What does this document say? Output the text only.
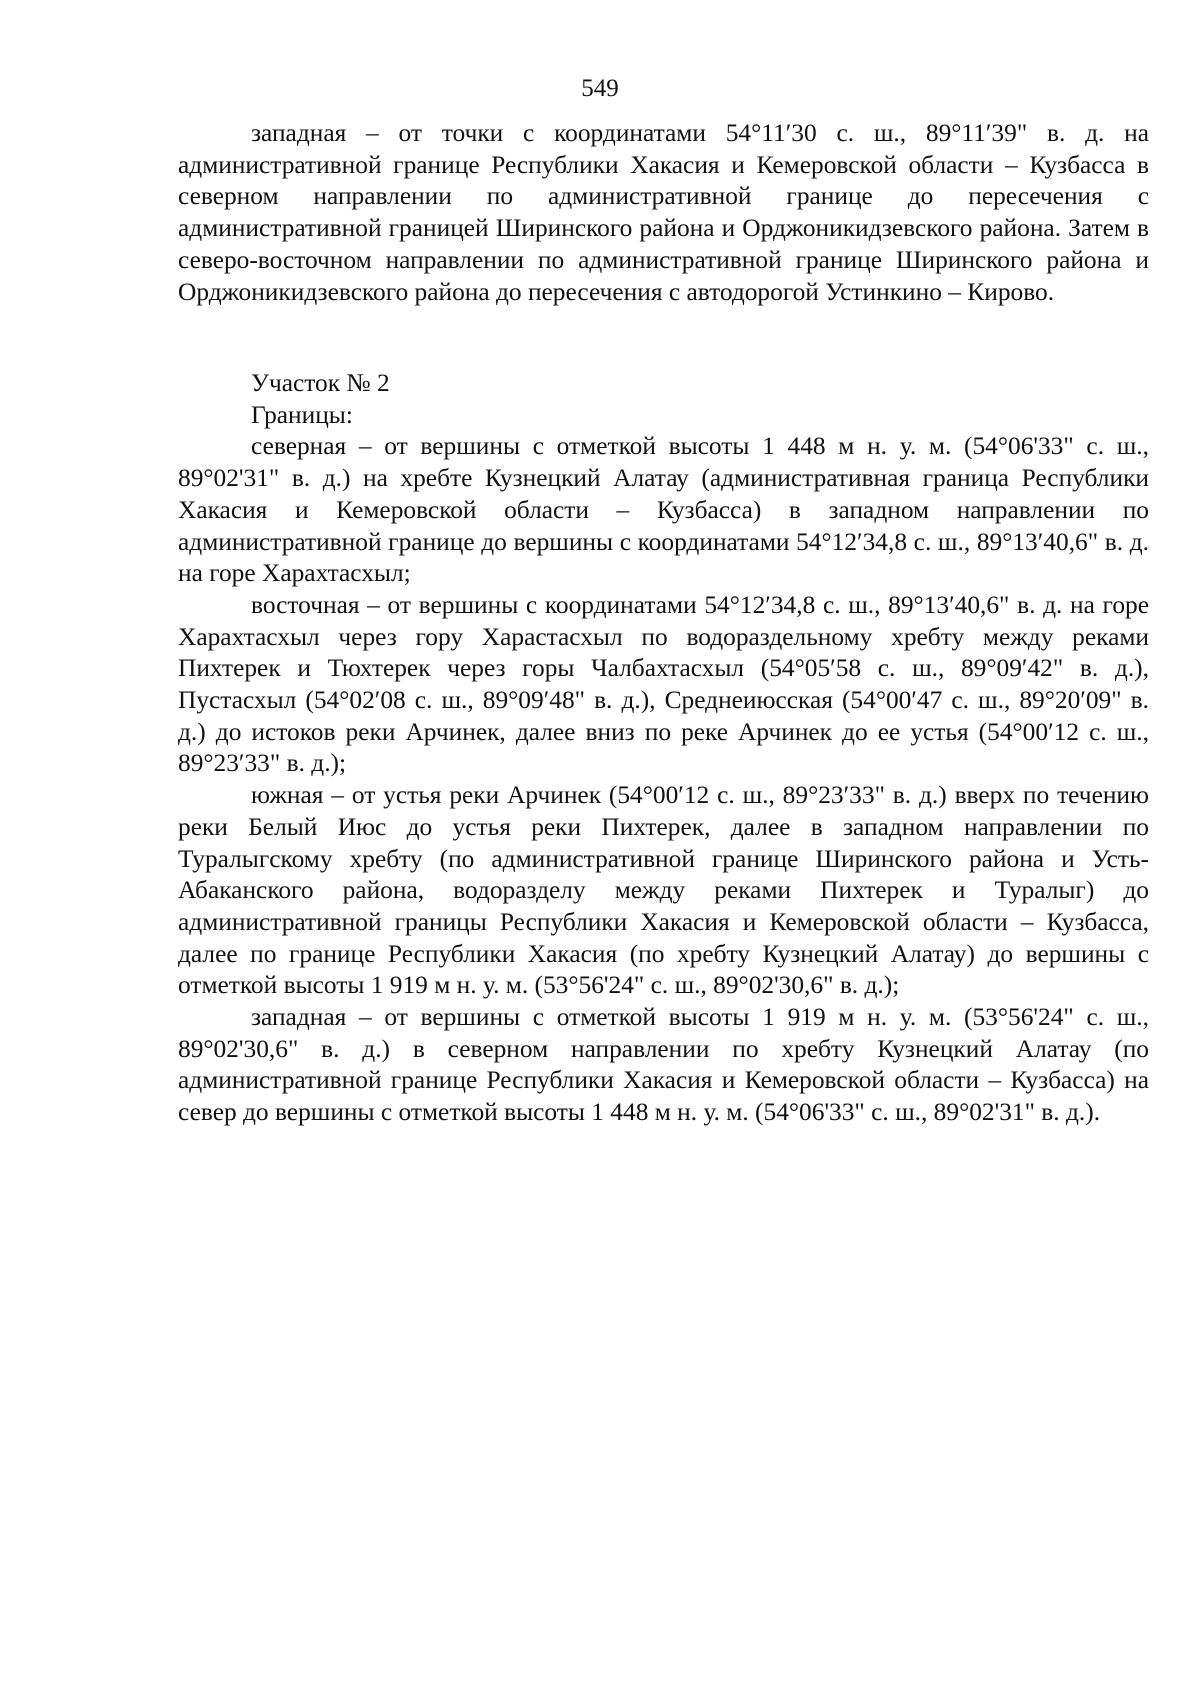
549

западная – от точки с координатами 54°11′30 с. ш., 89°11′39" в. д. на административной границе Республики Хакасия и Кемеровской области – Кузбасса в северном направлении по административной границе до пересечения с административной границей Ширинского района и Орджоникидзевского района. Затем в северо-восточном направлении по административной границе Ширинского района и Орджоникидзевского района до пересечения с автодорогой Устинкино – Кирово.

Участок № 2

Границы:

северная – от вершины с отметкой высоты 1 448 м н. у. м. (54°06'33" с. ш., 89°02'31" в. д.) на хребте Кузнецкий Алатау (административная граница Республики Хакасия и Кемеровской области – Кузбасса) в западном направлении по административной границе до вершины с координатами 54°12′34,8 с. ш., 89°13′40,6" в. д. на горе Харахтасхыл;

восточная – от вершины с координатами 54°12′34,8 с. ш., 89°13′40,6" в. д. на горе Харахтасхыл через гору Харастасхыл по водораздельному хребту между реками Пихтерек и Тюхтерек через горы Чалбахтасхыл (54°05′58 с. ш., 89°09′42" в. д.), Пустасхыл (54°02′08 с. ш., 89°09′48" в. д.), Среднеиюсская (54°00′47 с. ш., 89°20′09" в. д.) до истоков реки Арчинек, далее вниз по реке Арчинек до ее устья (54°00′12 с. ш., 89°23′33" в. д.);

южная – от устья реки Арчинек (54°00′12 с. ш., 89°23′33" в. д.) вверх по течению реки Белый Июс до устья реки Пихтерек, далее в западном направлении по Туралыгскому хребту (по административной границе Ширинского района и Усть-Абаканского района, водоразделу между реками Пихтерек и Туралыг) до административной границы Республики Хакасия и Кемеровской области – Кузбасса, далее по границе Республики Хакасия (по хребту Кузнецкий Алатау) до вершины с отметкой высоты 1 919 м н. у. м. (53°56'24" с. ш., 89°02'30,6" в. д.);

западная – от вершины с отметкой высоты 1 919 м н. у. м. (53°56'24" с. ш., 89°02'30,6" в. д.) в северном направлении по хребту Кузнецкий Алатау (по административной границе Республики Хакасия и Кемеровской области – Кузбасса) на север до вершины с отметкой высоты 1 448 м н. у. м. (54°06'33" с. ш., 89°02'31" в. д.).
